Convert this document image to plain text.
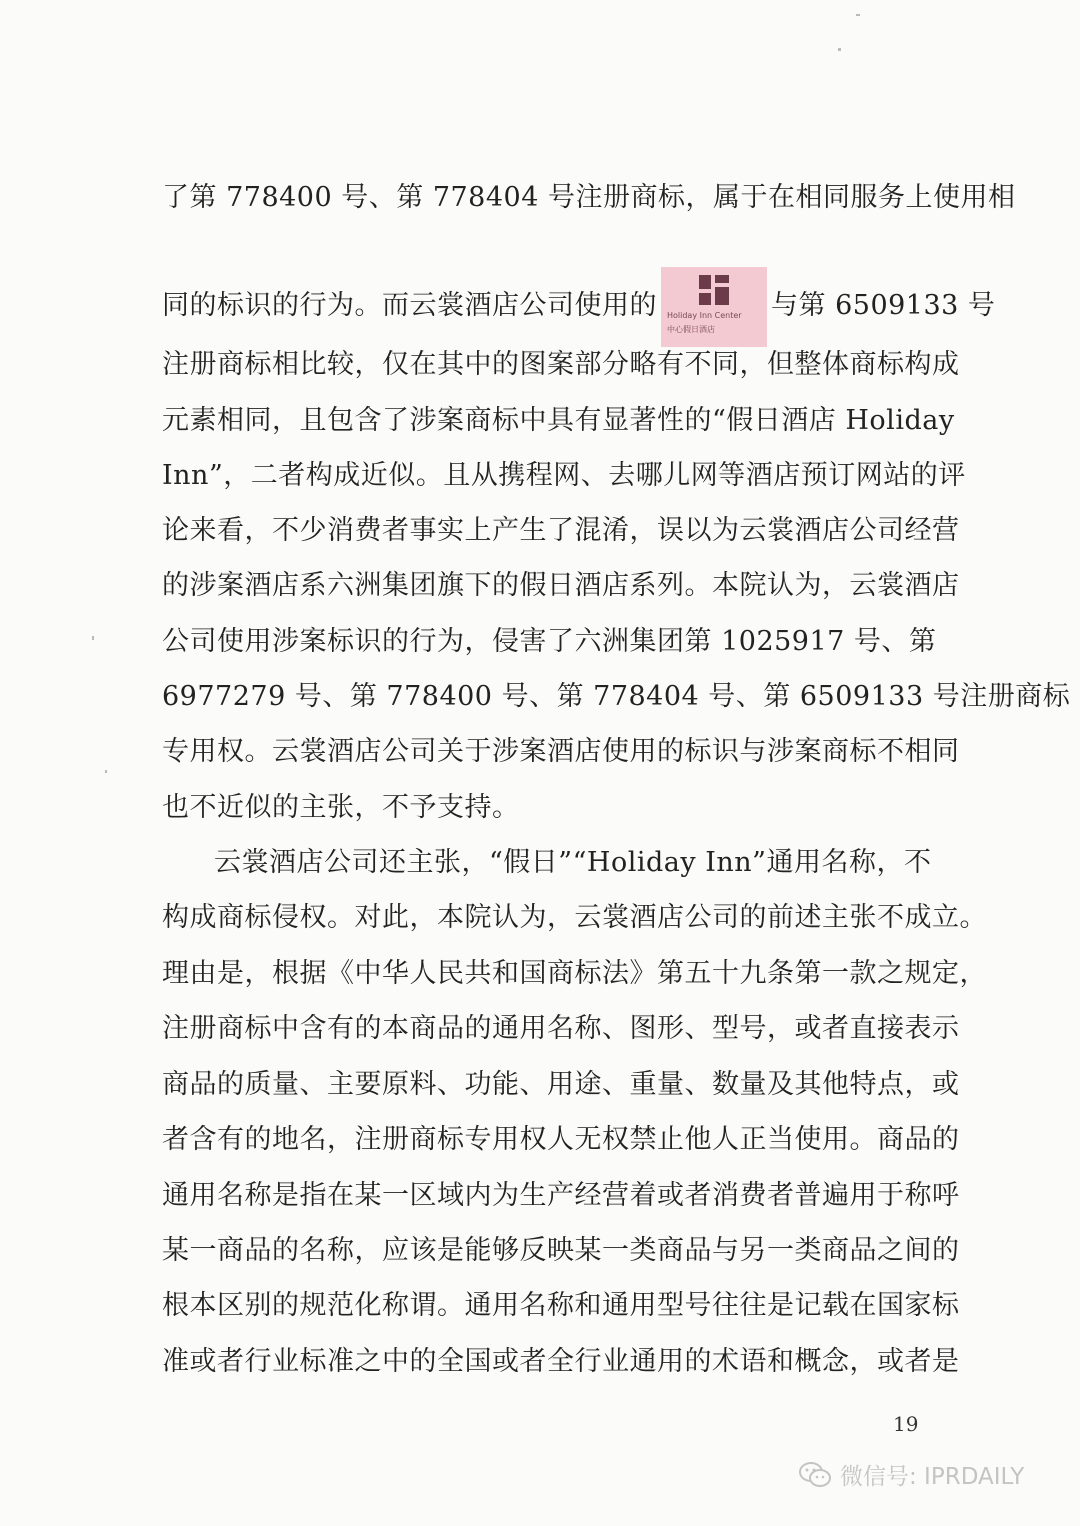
了第 778400 号、第 778404 号注册商标，属于在相同服务上使用相
同的标识的行为。而云裳酒店公司使用的 Holiday Inn Center
中心假日酒店
与第 6509133 号
注册商标相比较，仅在其中的图案部分略有不同，但整体商标构成
元素相同，且包含了涉案商标中具有显著性的“假日酒店 Holiday
Inn”，二者构成近似。且从携程网、去哪儿网等酒店预订网站的评
论来看，不少消费者事实上产生了混淆，误以为云裳酒店公司经营
的涉案酒店系六洲集团旗下的假日酒店系列。本院认为，云裳酒店
公司使用涉案标识的行为，侵害了六洲集团第 1025917 号、第
6977279 号、第 778400 号、第 778404 号、第 6509133 号注册商标
专用权。云裳酒店公司关于涉案酒店使用的标识与涉案商标不相同
也不近似的主张，不予支持。
云裳酒店公司还主张，“假日”“Holiday Inn”通用名称，不
构成商标侵权。对此，本院认为，云裳酒店公司的前述主张不成立。
理由是，根据《中华人民共和国商标法》第五十九条第一款之规定，
注册商标中含有的本商品的通用名称、图形、型号，或者直接表示
商品的质量、主要原料、功能、用途、重量、数量及其他特点，或
者含有的地名，注册商标专用权人无权禁止他人正当使用。商品的
通用名称是指在某一区域内为生产经营着或者消费者普遍用于称呼
某一商品的名称，应该是能够反映某一类商品与另一类商品之间的
根本区别的规范化称谓。通用名称和通用型号往往是记载在国家标
准或者行业标准之中的全国或者全行业通用的术语和概念，或者是
19
微信号: IPRDAILY
